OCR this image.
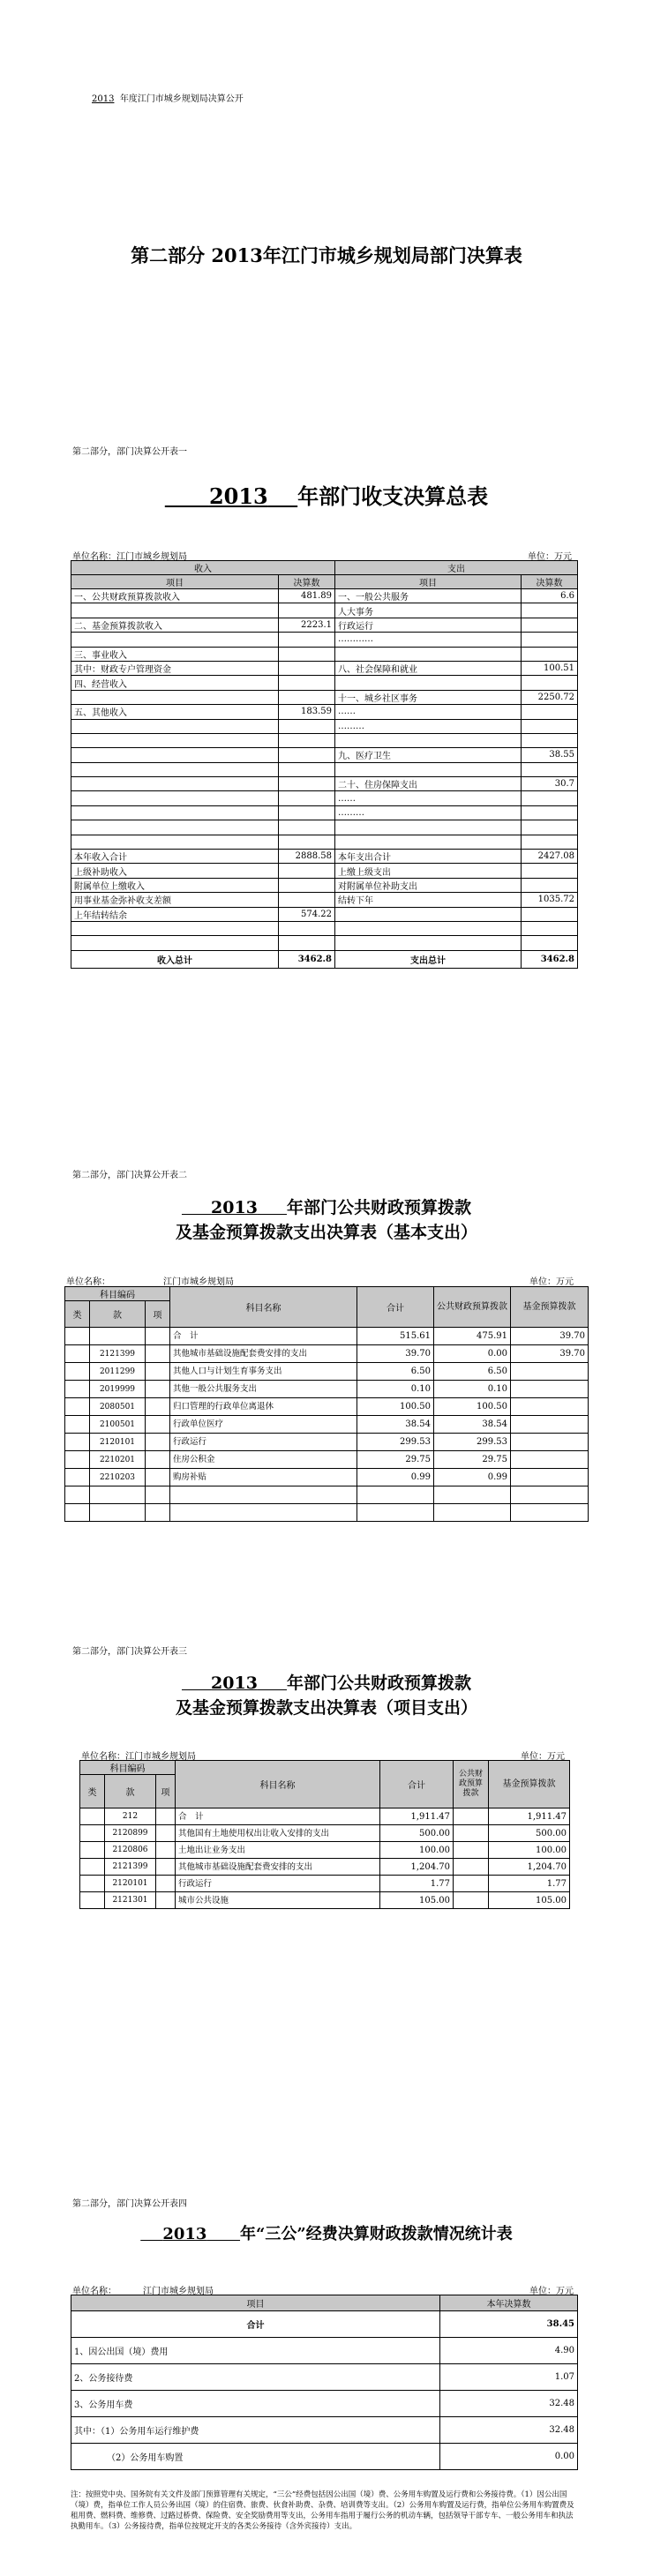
2013 年度江门市城乡规划局决算公开
第二部分 2013年江门市城乡规划局部门决算表
第二部分，部门决算公开表一
2013 年部门收支决算总表
单位名称：江门市城乡规划局	单位：万元
收入		支出	
项目	决算数	项目	决算数
一、公共财政预算拨款收入	481.89	一、一般公共服务	6.6
		人大事务	
二、基金预算拨款收入	2223.1	行政运行	
		…………	
三、事业收入			
其中：财政专户管理资金		八、社会保障和就业	100.51
四、经营收入			
		十一、城乡社区事务	2250.72
五、其他收入	183.59	……	
		………	

		九、医疗卫生	38.55

		二十、住房保障支出	30.7
		……	
		………	

本年收入合计	2888.58	本年支出合计	2427.08
上级补助收入		上缴上级支出	
附属单位上缴收入		对附属单位补助支出	
用事业基金弥补收支差额		结转下年	1035.72
上年结转结余	574.22		

收入总计	3462.8	支出总计	3462.8
第二部分，部门决算公开表二
2013 年部门公共财政预算拨款
及基金预算拨款支出决算表（基本支出）
单位名称：	江门市城乡规划局	单位：万元
科目编码			科目名称	合计	公共财政预算拨款	基金预算拨款
类	款	项				
			合　计	515.61	475.91	39.70
	2121399		其他城市基础设施配套费安排的支出	39.70	0.00	39.70
	2011299		其他人口与计划生育事务支出	6.50	6.50	
	2019999		其他一般公共服务支出	0.10	0.10	
	2080501		归口管理的行政单位离退休	100.50	100.50	
	2100501		行政单位医疗	38.54	38.54	
	2120101		行政运行	299.53	299.53	
	2210201		住房公积金	29.75	29.75	
	2210203		购房补贴	0.99	0.99	

第二部分，部门决算公开表三
2013 年部门公共财政预算拨款
及基金预算拨款支出决算表（项目支出）
单位名称：江门市城乡规划局	单位：万元
科目编码			科目名称	合计	公共财政预算拨款	基金预算拨款
类	款	项				
	212		合　计	1,911.47		1,911.47
	2120899		其他国有土地使用权出让收入安排的支出	500.00		500.00
	2120806		土地出让业务支出	100.00		100.00
	2121399		其他城市基础设施配套费安排的支出	1,204.70		1,204.70
	2120101		行政运行	1.77		1.77
	2121301		城市公共设施	105.00		105.00
第二部分，部门决算公开表四
2013 年“三公”经费决算财政拨款情况统计表
单位名称：	江门市城乡规划局	单位：万元
项目	本年决算数
合计	38.45
1、因公出国（境）费用	4.90
2、公务接待费	1.07
3、公务用车费	32.48
其中：（1）公务用车运行维护费	32.48
（2）公务用车购置	0.00
注：按照党中央、国务院有关文件及部门预算管理有关规定，“三公”经费包括因公出国（境）费、公务用车购置及运行费和公务接待费。（1）因公出国（境）费，指单位工作人员公务出国（境）的住宿费、旅费、伙食补助费、杂费、培训费等支出。（2）公务用车购置及运行费，指单位公务用车购置费及租用费、燃料费、维修费、过路过桥费、保险费、安全奖励费用等支出，公务用车指用于履行公务的机动车辆，包括领导干部专车、一般公务用车和执法执勤用车。（3）公务接待费，指单位按规定开支的各类公务接待（含外宾接待）支出。
